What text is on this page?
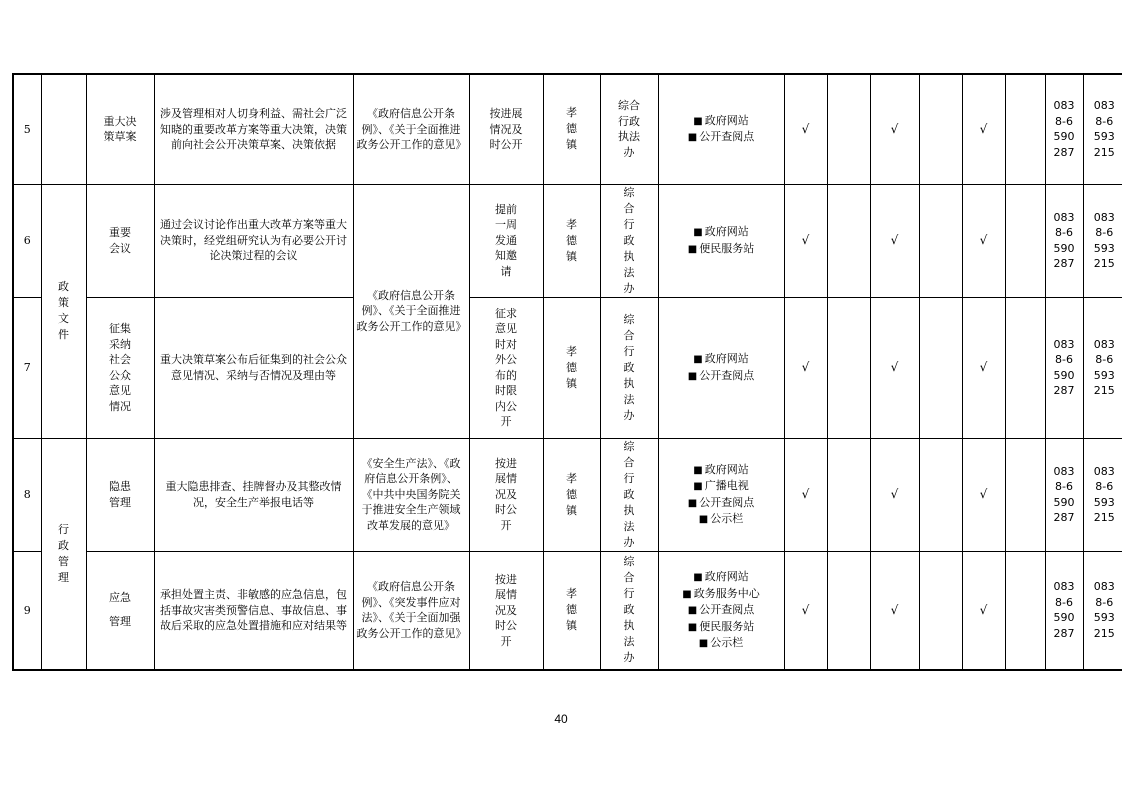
5		重大决策草案	涉及管理相对人切身利益、需社会广泛知晓的重要改革方案等重大决策，决策前向社会公开决策草案、决策依据	《政府信息公开条例》、《关于全面推进政务公开工作的意见》	按进展情况及时公开	孝德镇	综合行政执法办	■ 政府网站
■ 公开查阅点	√		√		√		0838-6590287	0838-6593215
6	政策文件	重要会议	通过会议讨论作出重大改革方案等重大决策时，经党组研究认为有必要公开讨论决策过程的会议	《政府信息公开条例》、《关于全面推进政务公开工作的意见》	提前一周发通知邀请	孝德镇	综合行政执法办	■ 政府网站
■ 便民服务站	√		√		√		0838-6590287	0838-6593215
7		征集采纳社会公众意见情况	重大决策草案公布后征集到的社会公众意见情况、采纳与否情况及理由等		征求意见时对外公布的时限内公开	孝德镇	综合行政执法办	■ 政府网站
■ 公开查阅点	√		√		√		0838-6590287	0838-6593215
8	行政管理	隐患管理	重大隐患排查、挂牌督办及其整改情况，安全生产举报电话等	《安全生产法》、《政府信息公开条例》、《中共中央国务院关于推进安全生产领域改革发展的意见》	按进展情况及时公开	孝德镇	综合行政执法办	■ 政府网站
■ 广播电视
■ 公开查阅点
■ 公示栏	√		√		√		0838-6590287	0838-6593215
9		应急管理	承担处置主责、非敏感的应急信息，包括事故灾害类预警信息、事故信息、事故后采取的应急处置措施和应对结果等	《政府信息公开条例》、《突发事件应对法》、《关于全面加强政务公开工作的意见》	按进展情况及时公开	孝德镇	综合行政执法办	■ 政府网站
■ 政务服务中心
■ 公开查阅点
■ 便民服务站
■ 公示栏	√		√		√		0838-6590287	0838-6593215
40
